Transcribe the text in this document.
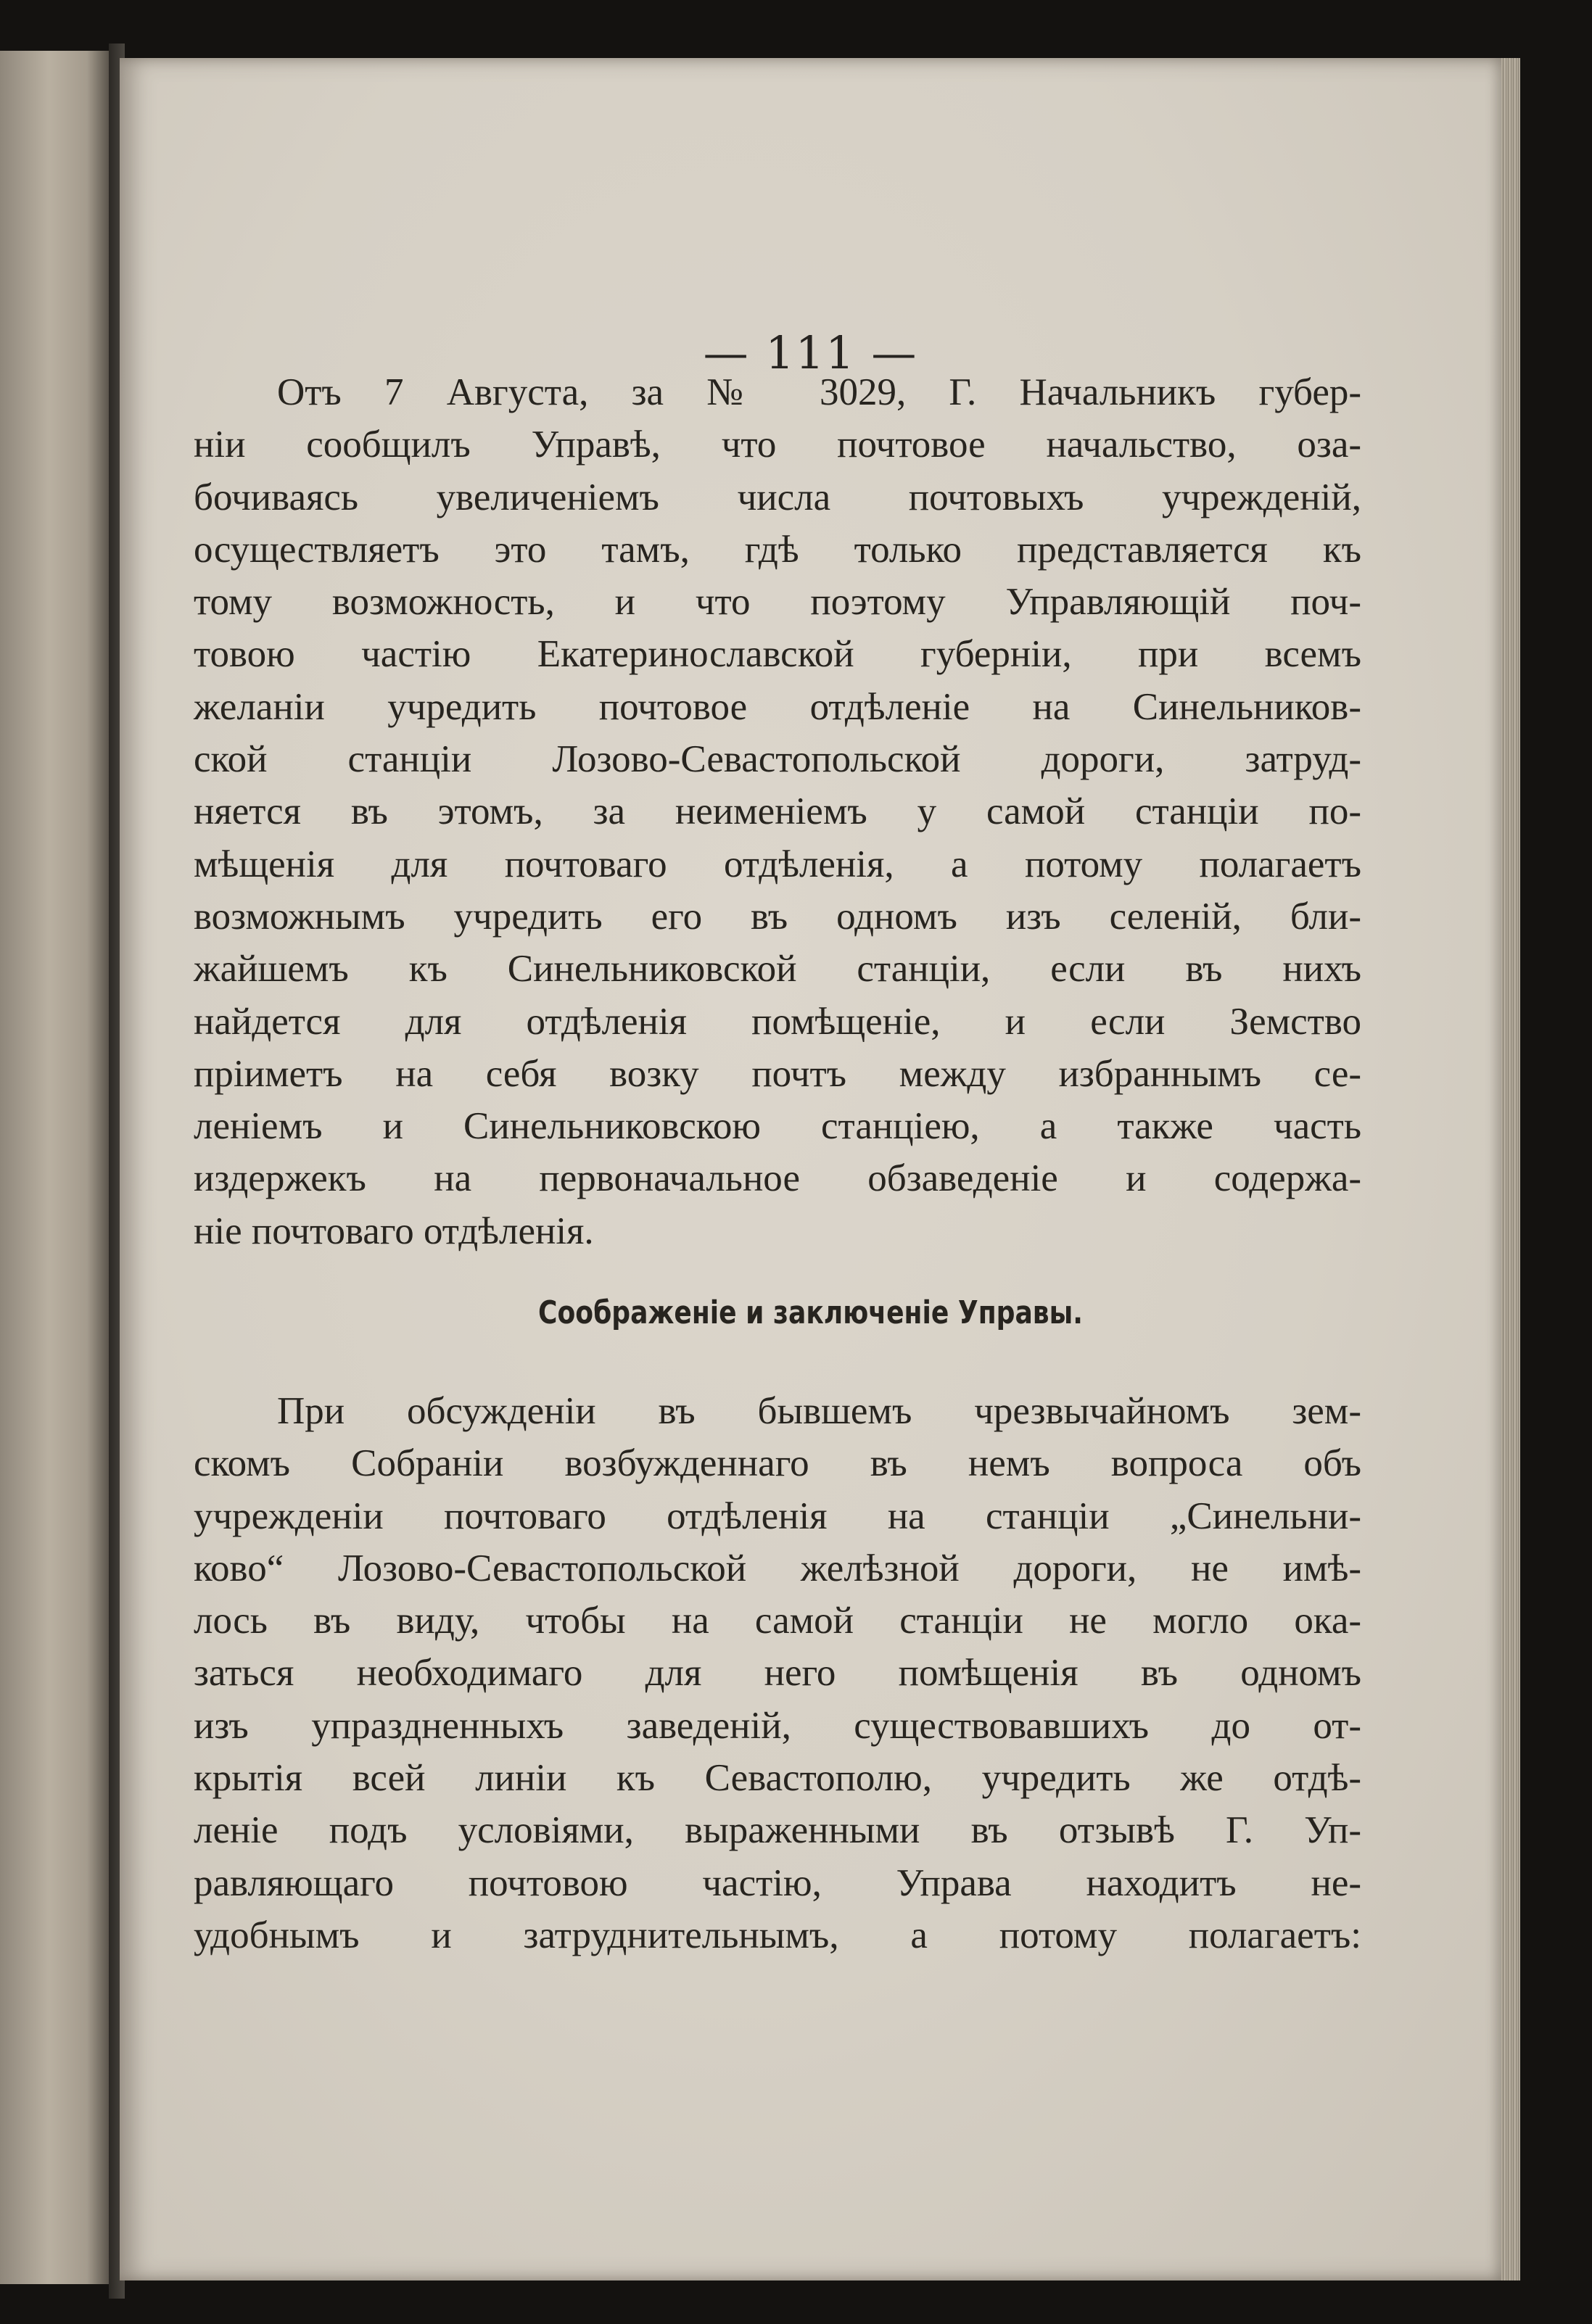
— 111 —
Отъ 7 Августа, за № 3029, Г. Начальникъ губер-
ніи сообщилъ Управѣ, что почтовое начальство, оза-
бочиваясь увеличеніемъ числа почтовыхъ учрежденій,
осуществляетъ это тамъ, гдѣ только представляется къ
тому возможность, и что поэтому Управляющій поч-
товою частію Екатеринославской губерніи, при всемъ
желаніи учредить почтовое отдѣленіе на Синельников-
ской станціи Лозово-Севастопольской дороги, затруд-
няется въ этомъ, за неименіемъ у самой станціи по-
мѣщенія для почтоваго отдѣленія, а потому полагаетъ
возможнымъ учредить его въ одномъ изъ селеній, бли-
жайшемъ къ Синельниковской станціи, если въ нихъ
найдется для отдѣленія помѣщеніе, и если Земство
пріиметъ на себя возку почтъ между избраннымъ се-
леніемъ и Синельниковскою станціею, а также часть
издержекъ на первоначальное обзаведеніе и содержа-
ніе почтоваго отдѣленія.
Соображеніе и заключеніе Управы.
При обсужденіи въ бывшемъ чрезвычайномъ зем-
скомъ Собраніи возбужденнаго въ немъ вопроса объ
учрежденіи почтоваго отдѣленія на станціи „Синельни-
ково“ Лозово-Севастопольской желѣзной дороги, не имѣ-
лось въ виду, чтобы на самой станціи не могло ока-
заться необходимаго для него помѣщенія въ одномъ
изъ упраздненныхъ заведеній, существовавшихъ до от-
крытія всей линіи къ Севастополю, учредить же отдѣ-
леніе подъ условіями, выраженными въ отзывѣ Г. Уп-
равляющаго почтовою частію, Управа находитъ не-
удобнымъ и затруднительнымъ, а потому полагаетъ:
